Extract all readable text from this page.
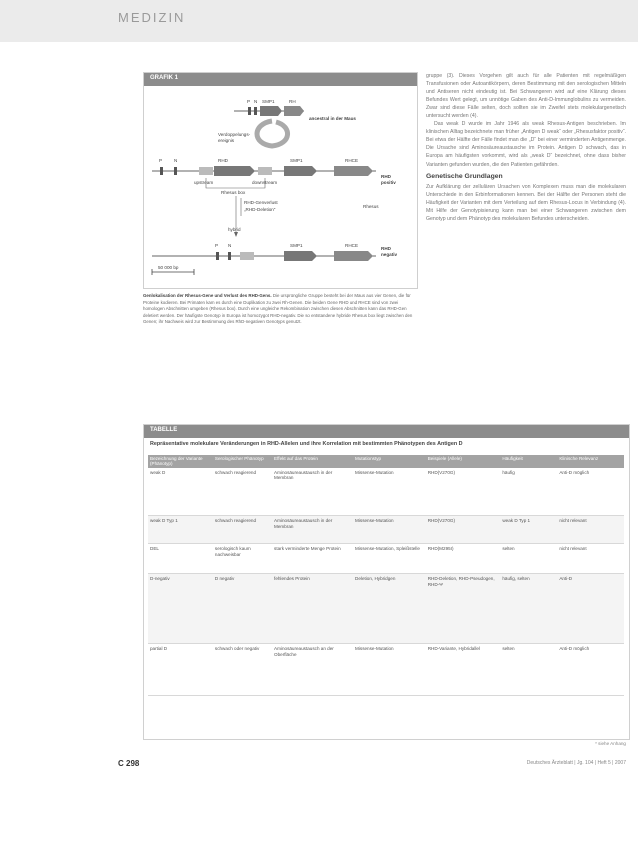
MEDIZIN
GRAFIK 1
P N SMP1	RH
ancestral in der Maus
Verdoppelungs-
ereignis
P	N	RHD	SMP1	RHCE
upstream	downstream
RHD
positiv
Rhesus box
RHD-Genverlust
„RHD-Deletion“
Rhesus
hybrid
P N	SMP1	RHCE
RHD
negativ
50 000 bp
Genlokalisation der Rhesus-Gene und Verlust des RHD-Gens. Die ursprüngliche Gruppe besteht bei der Maus aus vier Genen, die für Proteine kodieren. Bei Primaten kam es durch eine Duplikation zu zwei Rh-Genen. Die beiden Gene RHD und RHCE sind von zwei homologen Abschnitten umgeben (Rhesus box). Durch eine ungleiche Rekombination zwischen diesen Abschnitten kann das RHD-Gen deletiert werden. Der häufigste Genotyp in Europa ist homozygot RHD-negativ. Die so entstandene hybride Rhesus box liegt zwischen den Genen; ihr Nachweis wird zur Bestimmung des RhD-negativen Genotyps genutzt.

gruppe (3). Dieses Vorgehen gilt auch für alle Patienten mit regelmäßigen Transfusionen oder Autoantikörpern, deren Bestimmung mit den serologischen Mitteln und Antiseren nicht eindeutig ist. Bei Schwangeren wird auf eine Klärung dieses Befundes Wert gelegt, um unnötige Gaben des Anti-D-Immunglobulins zu vermeiden. Zwar sind diese Fälle selten, doch sollten sie im Zweifel stets molekulargenetisch untersucht werden (4).

Das weak D wurde im Jahr 1946 als weak Rhesus-Antigen beschrieben. Im klinischen Alltag bezeichnete man früher „Antigen D weak“ oder „Rhesusfaktor positiv“. Bei etwa der Hälfte der Fälle findet man die „D“ bei einer verminderten Antigenmenge. Die Ursache sind Aminosäureaustausche im Protein. Antigen D schwach, das in Europa am häufigsten vorkommt, wird als „weak D“ bezeichnet, ohne dass bisher Varianten gefunden wurden, die den Patienten gefährden.

Genetische Grundlagen

Zur Aufklärung der zellulären Ursachen von Komplexen muss man die molekularen Unterschiede in den Erbinformationen kennen. Bei der Hälfte der Personen steht die Häufigkeit der Varianten mit dem Verteilung auf dem Rhesus-Locus in Verbindung (4). Mit Hilfe der Genotypisierung kann man bei einer Schwangeren zwischen dem Genotyp und dem Phänotyp des molekularen Befundes unterscheiden.

TABELLE
Repräsentative molekulare Veränderungen in RHD-Allelen und ihre Korrelation mit bestimmten Phänotypen des Antigen D
Bezeichnung der Variante (Phänotyp)	Serologischer Phänotyp	Effekt auf das Protein	Mutationstyp	Beispiele (Allele)	Häufigkeit	Klinische Relevanz
weak D	schwach reagierend	Aminosäureaustausch in der Membran	Missense-Mutation	RHD(V270G)	häufig	Anti-D möglich
weak D Typ 1	schwach reagierend	Aminosäureaustausch in der Membran	Missense-Mutation	RHD(V270G)	weak D Typ 1	nicht relevant
DEL	serologisch kaum nachweisbar	stark verminderte Menge Protein	Missense-Mutation, Spleißstelle	RHD(M295I)	selten	nicht relevant
D-negativ	D negativ	fehlendes Protein	Deletion, Hybridgen	RHD-Deletion, RHD-Pseudogen, RHD-Ψ	häufig, selten	Anti-D
partial D	schwach oder negativ	Aminosäureaustausch an der Oberfläche	Missense-Mutation	RHD-Variante, Hybridallel	selten	Anti-D möglich
* siehe Anhang
C 298	Deutsches Ärzteblatt | Jg. 104 | Heft 5 | 2007
